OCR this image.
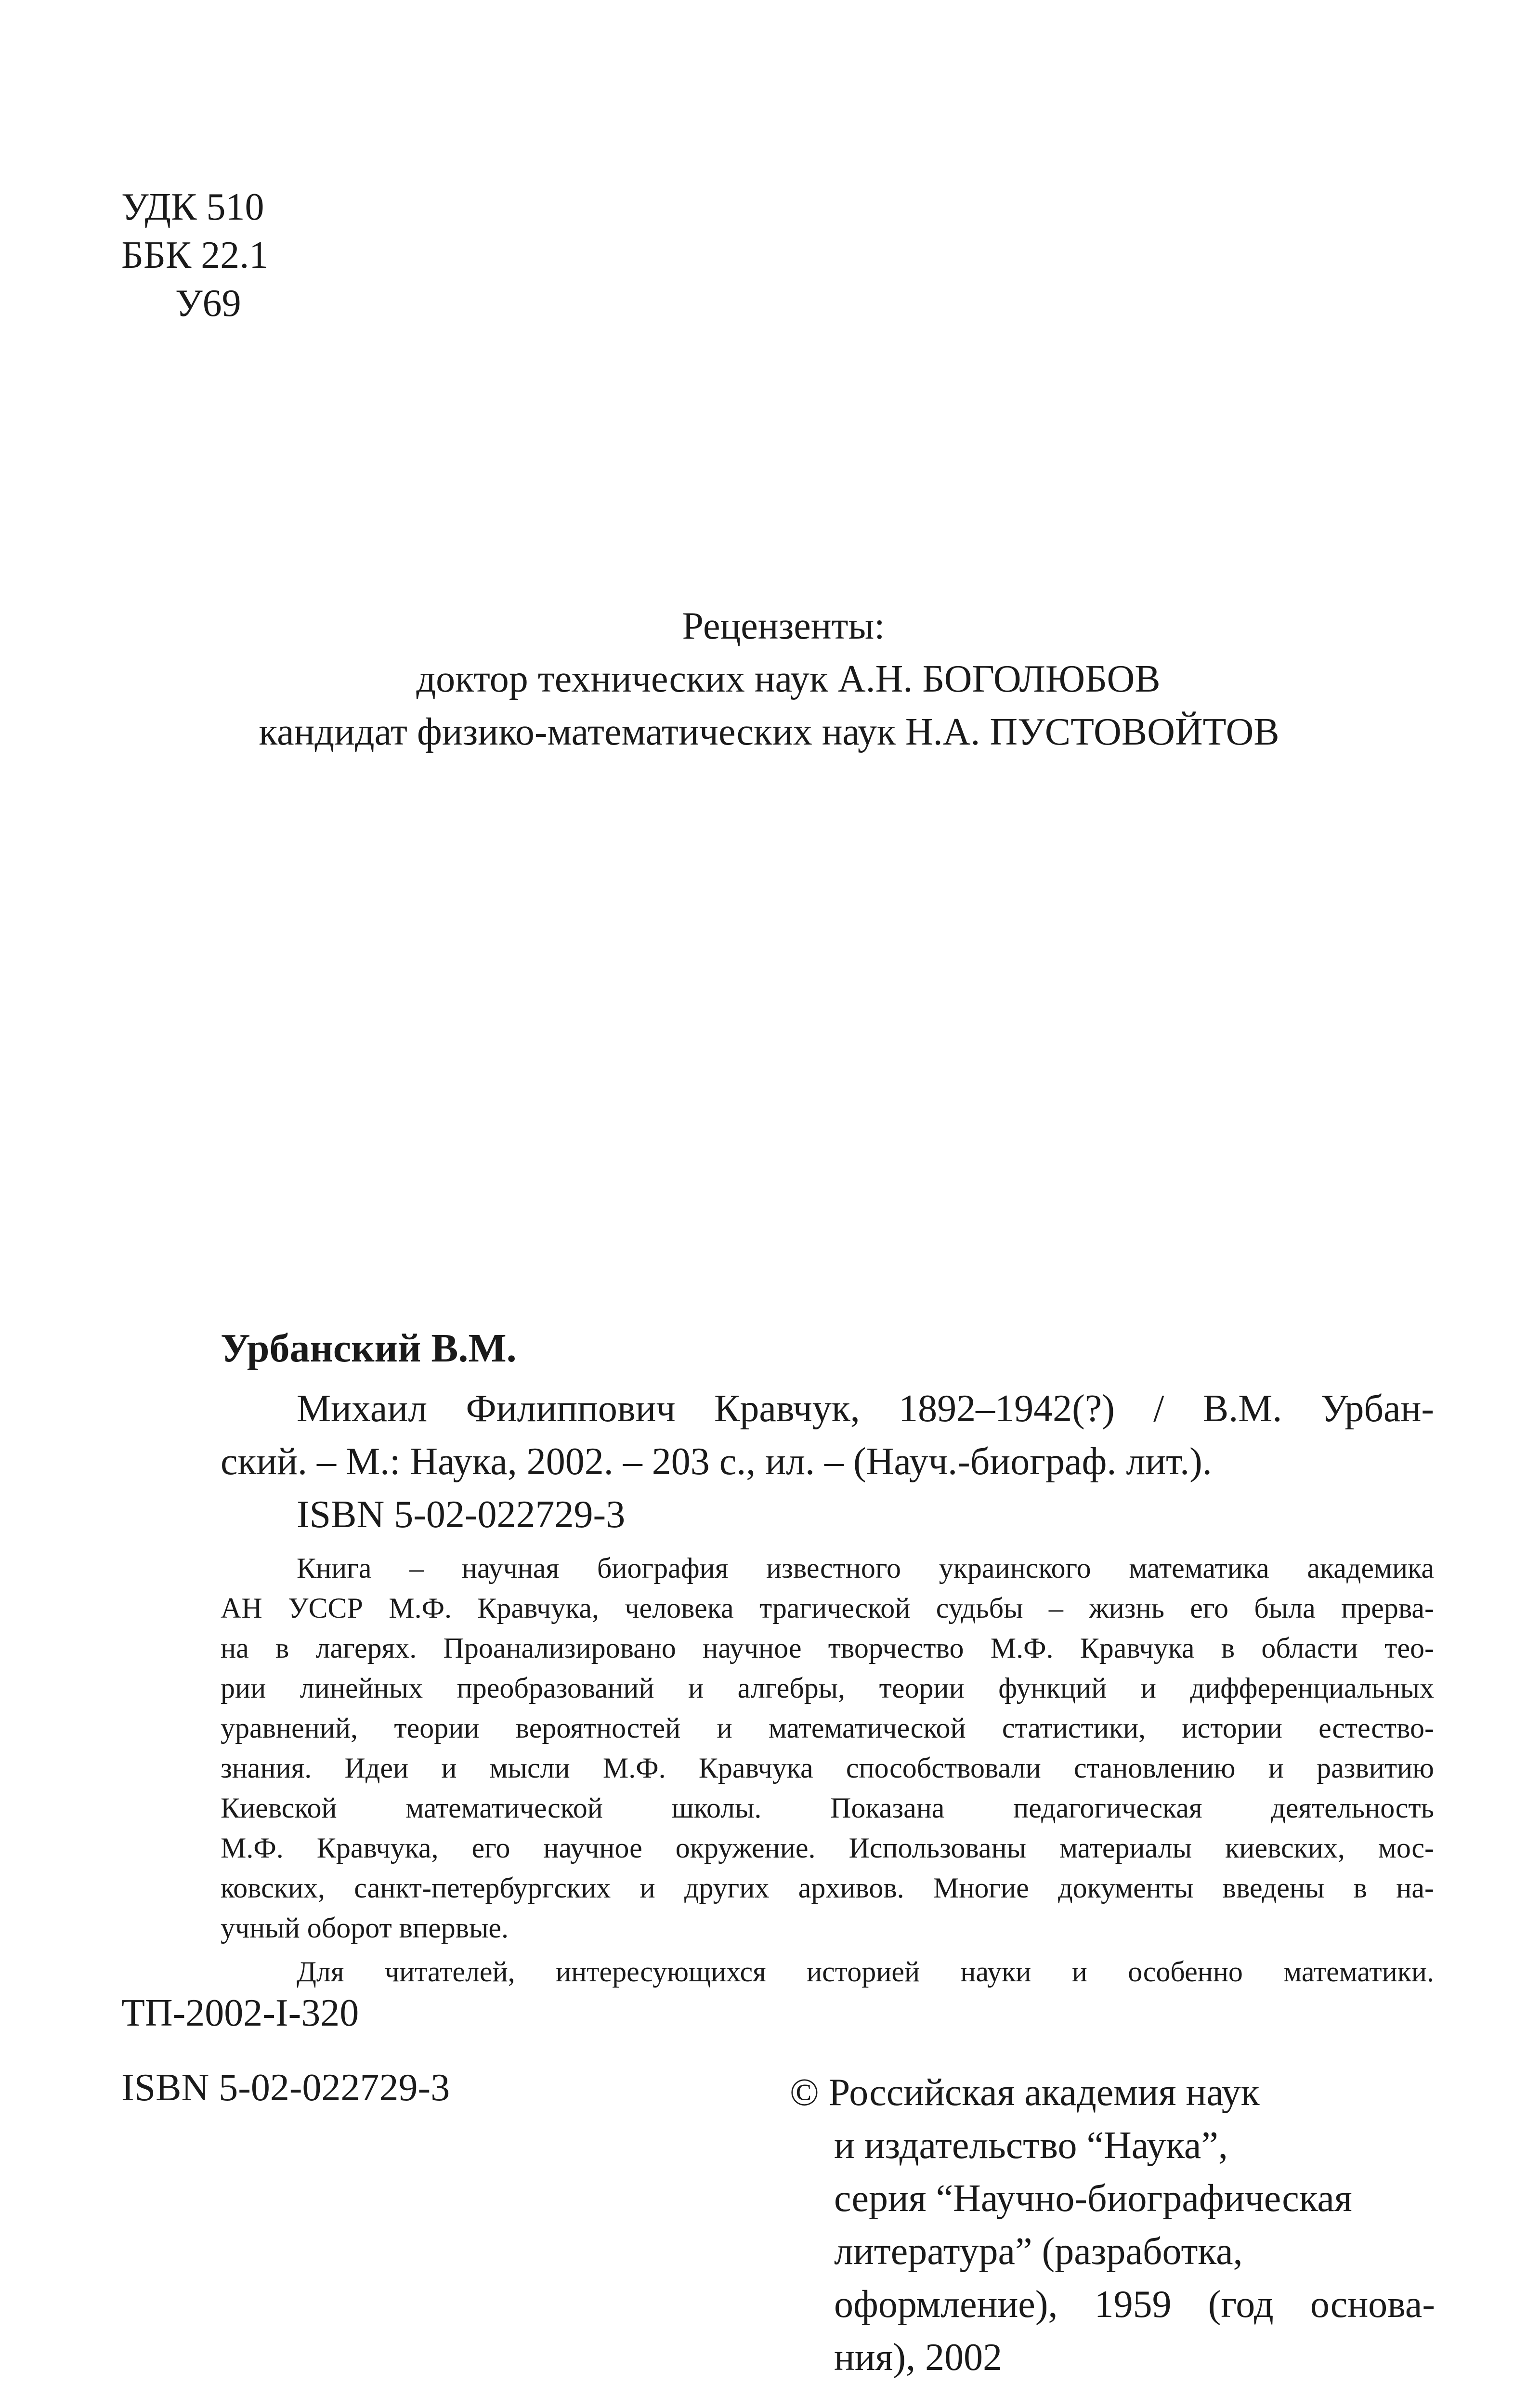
УДК 510
ББК 22.1
У69
Рецензенты:
доктор технических наук А.Н. БОГОЛЮБОВ
кандидат физико-математических наук Н.А. ПУСТОВОЙТОВ
Урбанский В.М.
Михаил Филиппович Кравчук, 1892–1942(?) / В.М. Урбан-
ский. – М.: Наука, 2002. – 203 с., ил. – (Науч.-биограф. лит.).
ISBN 5-02-022729-3
Книга – научная биография известного украинского математика академика
АН УССР М.Ф. Кравчука, человека трагической судьбы – жизнь его была прерва-
на в лагерях. Проанализировано научное творчество М.Ф. Кравчука в области тео-
рии линейных преобразований и алгебры, теории функций и дифференциальных
уравнений, теории вероятностей и математической статистики, истории естество-
знания. Идеи и мысли М.Ф. Кравчука способствовали становлению и развитию
Киевской математической школы. Показана педагогическая деятельность
М.Ф. Кравчука, его научное окружение. Использованы материалы киевских, мос-
ковских, санкт-петербургских и других архивов. Многие документы введены в на-
учный оборот впервые.
Для читателей, интересующихся историей науки и особенно математики.
ТП-2002-I-320
ISBN 5-02-022729-3	© Российская академия наук
и издательство “Наука”,
серия “Научно-биографическая
литература” (разработка,
оформление), 1959 (год основа-
ния), 2002
